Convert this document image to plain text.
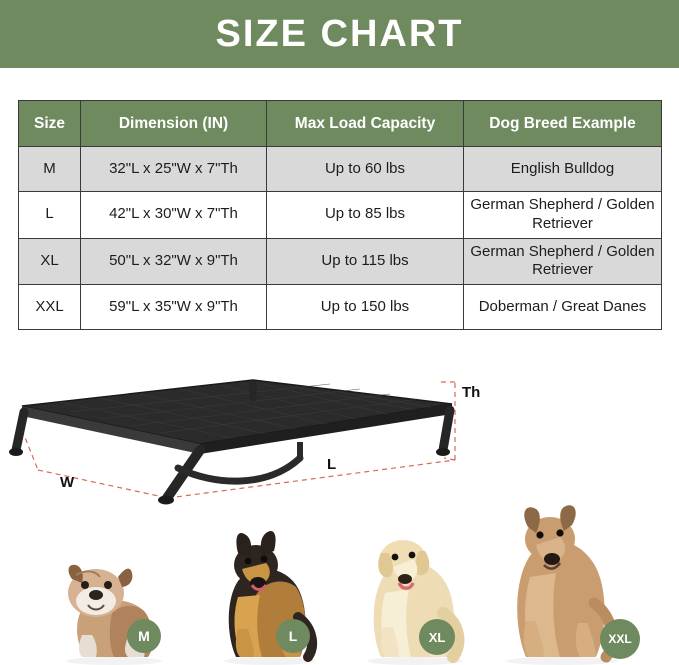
SIZE CHART
Size	Dimension (IN)	Max Load Capacity	Dog Breed Example
M	32"L x 25"W x 7"Th	Up to 60 lbs	English Bulldog
L	42"L x 30"W x 7"Th	Up to 85 lbs	German Shepherd / Golden Retriever
XL	50"L x 32"W x 9"Th	Up to 115 lbs	German Shepherd / Golden Retriever
XXL	59"L x 35"W x 9"Th	Up to 150 lbs	Doberman / Great Danes
Th
L
W
M	L	XL	XXL
